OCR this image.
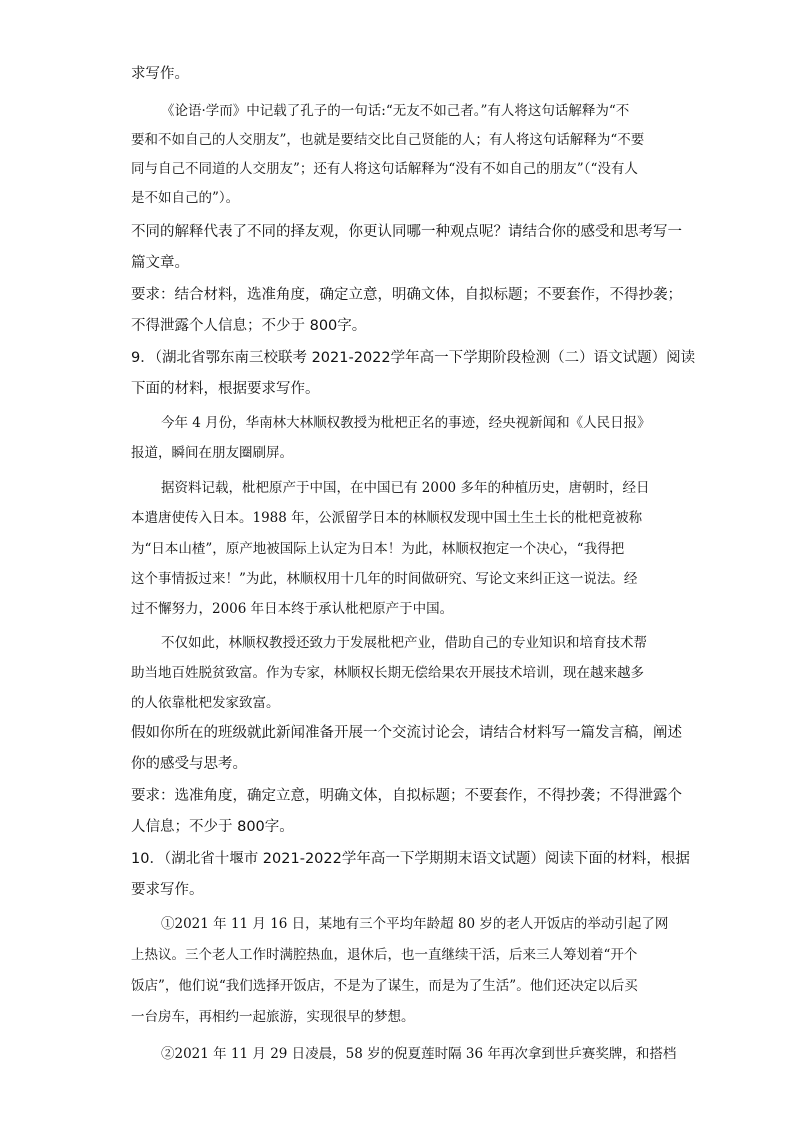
求写作。

《论语·学而》中记载了孔子的一句话:“无友不如己者。”有人将这句话解释为“不

要和不如自己的人交朋友”，也就是要结交比自己贤能的人；有人将这句话解释为“不要

同与自己不同道的人交朋友”；还有人将这句话解释为“没有不如自己的朋友”（“没有人

是不如自己的”）。

不同的解释代表了不同的择友观，你更认同哪一种观点呢？请结合你的感受和思考写一

篇文章。

要求：结合材料，选准角度，确定立意，明确文体，自拟标题；不要套作，不得抄袭；

不得泄露个人信息；不少于 800字。

9．（湖北省鄂东南三校联考 2021-2022学年高一下学期阶段检测（二）语文试题）阅读

下面的材料，根据要求写作。

今年 4 月份，华南林大林顺权教授为枇杷正名的事迹，经央视新闻和《人民日报》

报道，瞬间在朋友圈刷屏。

据资料记载，枇杷原产于中国，在中国已有 2000 多年的种植历史，唐朝时，经日

本遣唐使传入日本。1988 年，公派留学日本的林顺权发现中国土生土长的枇杷竟被称

为“日本山楂”，原产地被国际上认定为日本！为此，林顺权抱定一个决心，“我得把

这个事情扳过来！”为此，林顺权用十几年的时间做研究、写论文来纠正这一说法。经

过不懈努力，2006 年日本终于承认枇杷原产于中国。

不仅如此，林顺权教授还致力于发展枇杷产业，借助自己的专业知识和培育技术帮

助当地百姓脱贫致富。作为专家，林顺权长期无偿给果农开展技术培训，现在越来越多

的人依靠枇杷发家致富。

假如你所在的班级就此新闻准备开展一个交流讨论会，请结合材料写一篇发言稿，阐述

你的感受与思考。

要求：选准角度，确定立意，明确文体，自拟标题；不要套作，不得抄袭；不得泄露个

人信息；不少于 800字。

10．（湖北省十堰市 2021-2022学年高一下学期期末语文试题）阅读下面的材料，根据

要求写作。

①2021 年 11 月 16 日，某地有三个平均年龄超 80 岁的老人开饭店的举动引起了网

上热议。三个老人工作时满腔热血，退休后，也一直继续干活，后来三人筹划着“开个

饭店”，他们说“我们选择开饭店，不是为了谋生，而是为了生活”。他们还决定以后买

一台房车，再相约一起旅游，实现很早的梦想。

②2021 年 11 月 29 日凌晨，58 岁的倪夏莲时隔 36 年再次拿到世乒赛奖牌，和搭档
